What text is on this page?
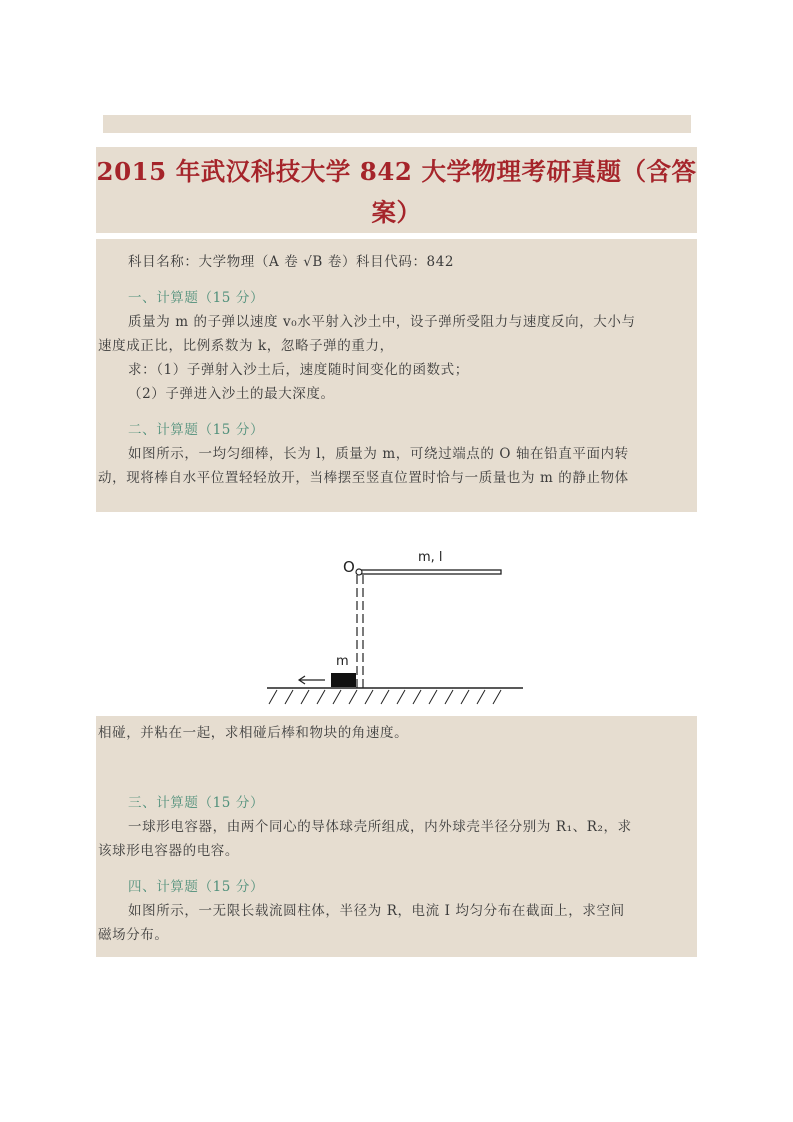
2015 年武汉科技大学 842 大学物理考研真题（含答案）

科目名称：大学物理（A 卷 √B 卷）科目代码：842

一、计算题（15 分）

质量为 m 的子弹以速度 v₀水平射入沙土中，设子弹所受阻力与速度反向，大小与

速度成正比，比例系数为 k，忽略子弹的重力，

求：（1）子弹射入沙土后，速度随时间变化的函数式；

（2）子弹进入沙土的最大深度。

二、计算题（15 分）

如图所示，一均匀细棒，长为 l，质量为 m，可绕过端点的 O 轴在铅直平面内转

动，现将棒自水平位置轻轻放开，当棒摆至竖直位置时恰与一质量也为 m 的静止物体

O
m, l
m

相碰，并粘在一起，求相碰后棒和物块的角速度。

三、计算题（15 分）

一球形电容器，由两个同心的导体球壳所组成，内外球壳半径分别为 R₁、R₂，求

该球形电容器的电容。

四、计算题（15 分）

如图所示，一无限长载流圆柱体，半径为 R，电流 I 均匀分布在截面上，求空间

磁场分布。
